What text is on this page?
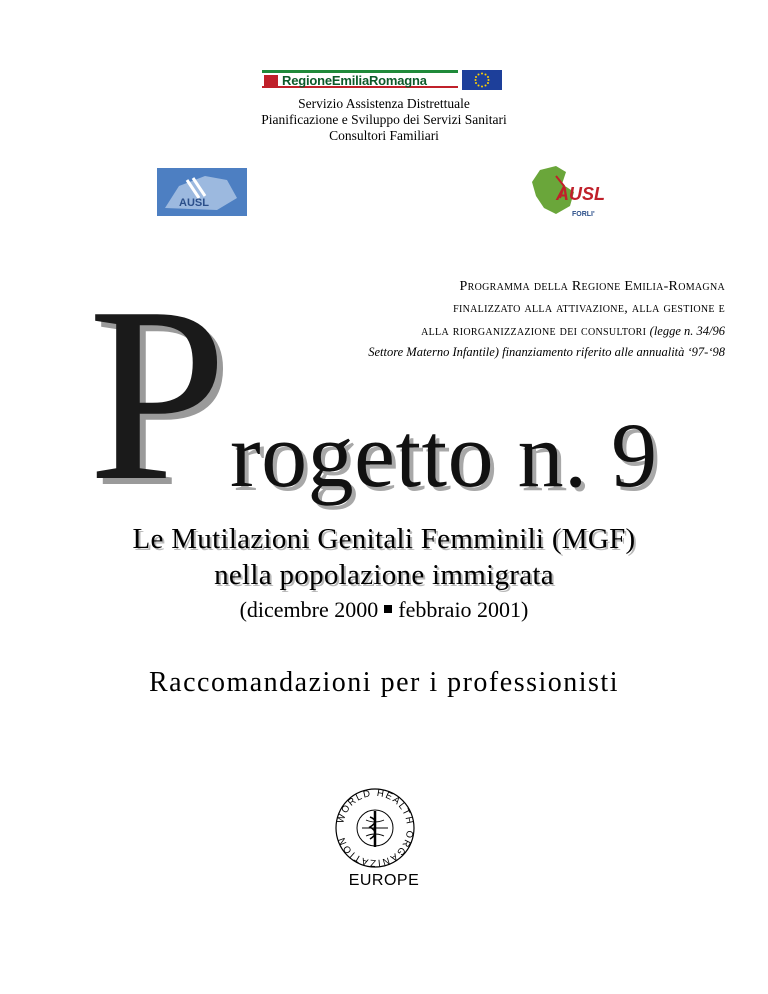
RegioneEmiliaRomagna
Servizio Assistenza Distrettuale
Pianificazione e Sviluppo dei Servizi Sanitari
Consultori Familiari
AUSL	AUSL
FORLI'
Programma della Regione Emilia-Romagna
finalizzato alla attivazione, alla gestione e
alla riorganizzazione dei consultori (legge n. 34/96
Settore Materno Infantile) finanziamento riferito alle annualità ‘97-‘98
P rogetto n. 9
Le Mutilazioni Genitali Femminili (MGF)
nella popolazione immigrata
(dicembre 2000 febbraio 2001)
Raccomandazioni per i professionisti
WORLD HEALTH ORGANIZATION
EUROPE
